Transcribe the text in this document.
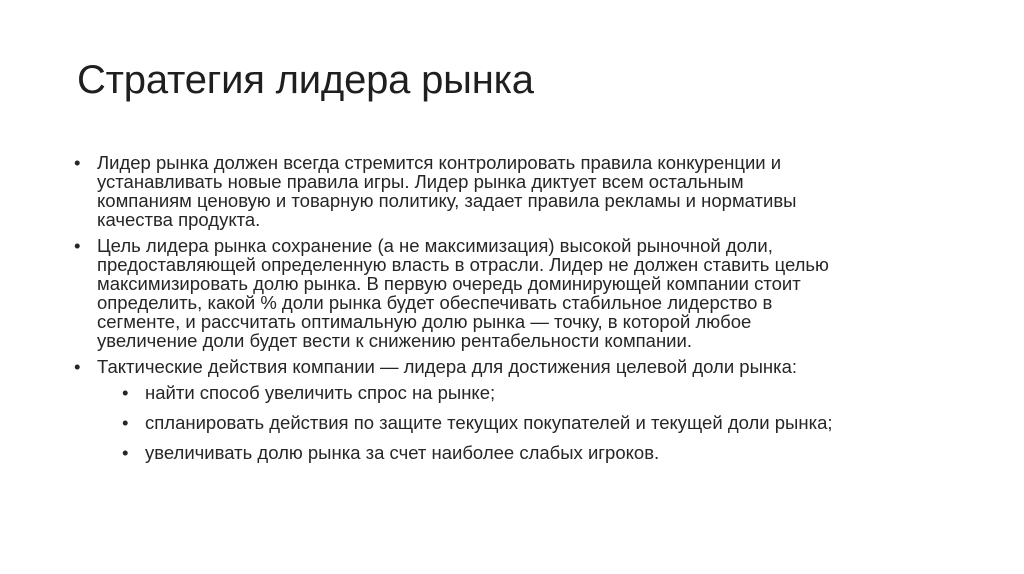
Стратегия лидера рынка
• Лидер рынка должен всегда стремится контролировать правила конкуренции и
устанавливать новые правила игры. Лидер рынка диктует всем остальным
компаниям ценовую и товарную политику, задает правила рекламы и нормативы
качества продукта.
• Цель лидера рынка сохранение (а не максимизация) высокой рыночной доли,
предоставляющей определенную власть в отрасли. Лидер не должен ставить целью
максимизировать долю рынка. В первую очередь доминирующей компании стоит
определить, какой % доли рынка будет обеспечивать стабильное лидерство в
сегменте, и рассчитать оптимальную долю рынка — точку, в которой любое
увеличение доли будет вести к снижению рентабельности компании.
• Тактические действия компании — лидера для достижения целевой доли рынка:
• найти способ увеличить спрос на рынке;
• спланировать действия по защите текущих покупателей и текущей доли рынка;
• увеличивать долю рынка за счет наиболее слабых игроков.
